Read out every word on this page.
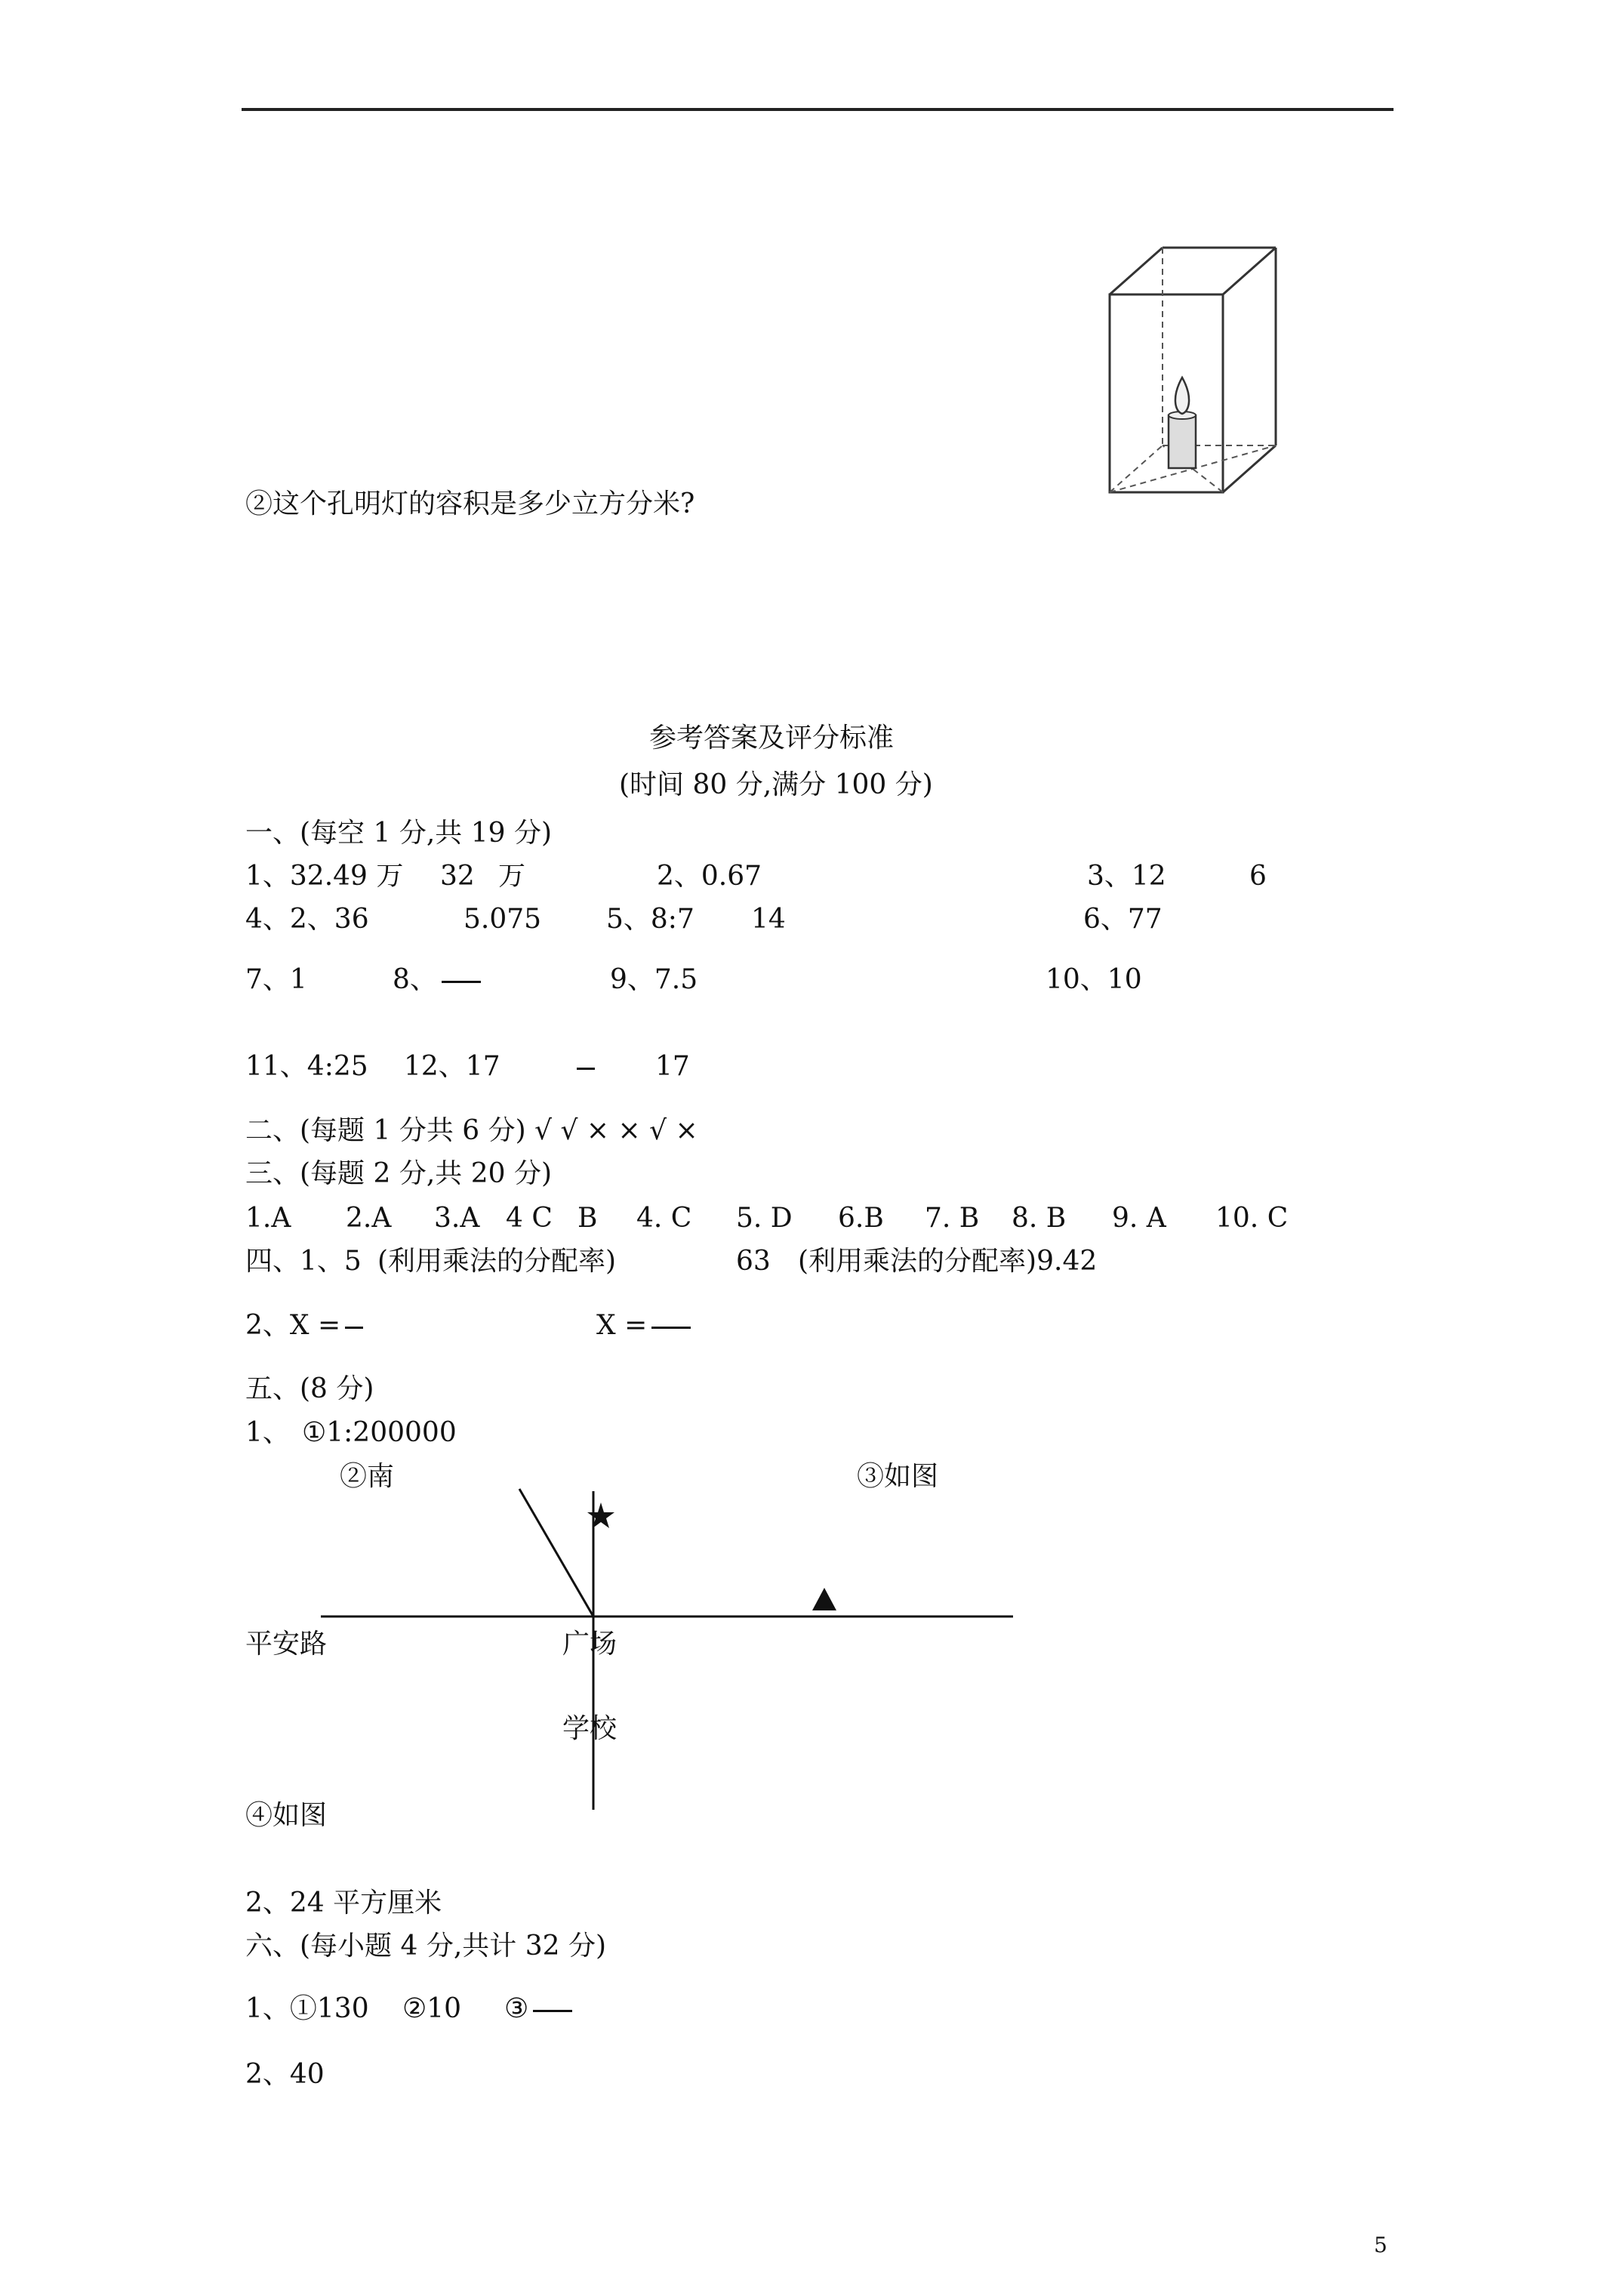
②这个孔明灯的容积是多少立方分米?
参考答案及评分标准
(时间 80 分,满分 100 分)
一、(每空 1 分,共 19 分)
1、32.49 万 32 万	2、0.67	3、12	6
4、2、36	5.075 5、8:7 14	6、77
7、1	8、	9、7.5	10、10
11、4:25 12、17	17
二、(每题 1 分共 6 分) √ √ × × √ ×
三、(每题 2 分,共 20 分)
1.A 2.A 3.A 4 C B 4. C 5. D 6.B 7. B 8. B 9. A 10. C
四、1、5 (利用乘法的分配率)	63 (利用乘法的分配率)9.42
2、X =	X =
五、(8 分)
1、 ①1:200000
②南	③如图
平安路	广场
学校
④如图
2、24 平方厘米
六、(每小题 4 分,共计 32 分)
1、①130 ②10 ③
2、40
5
